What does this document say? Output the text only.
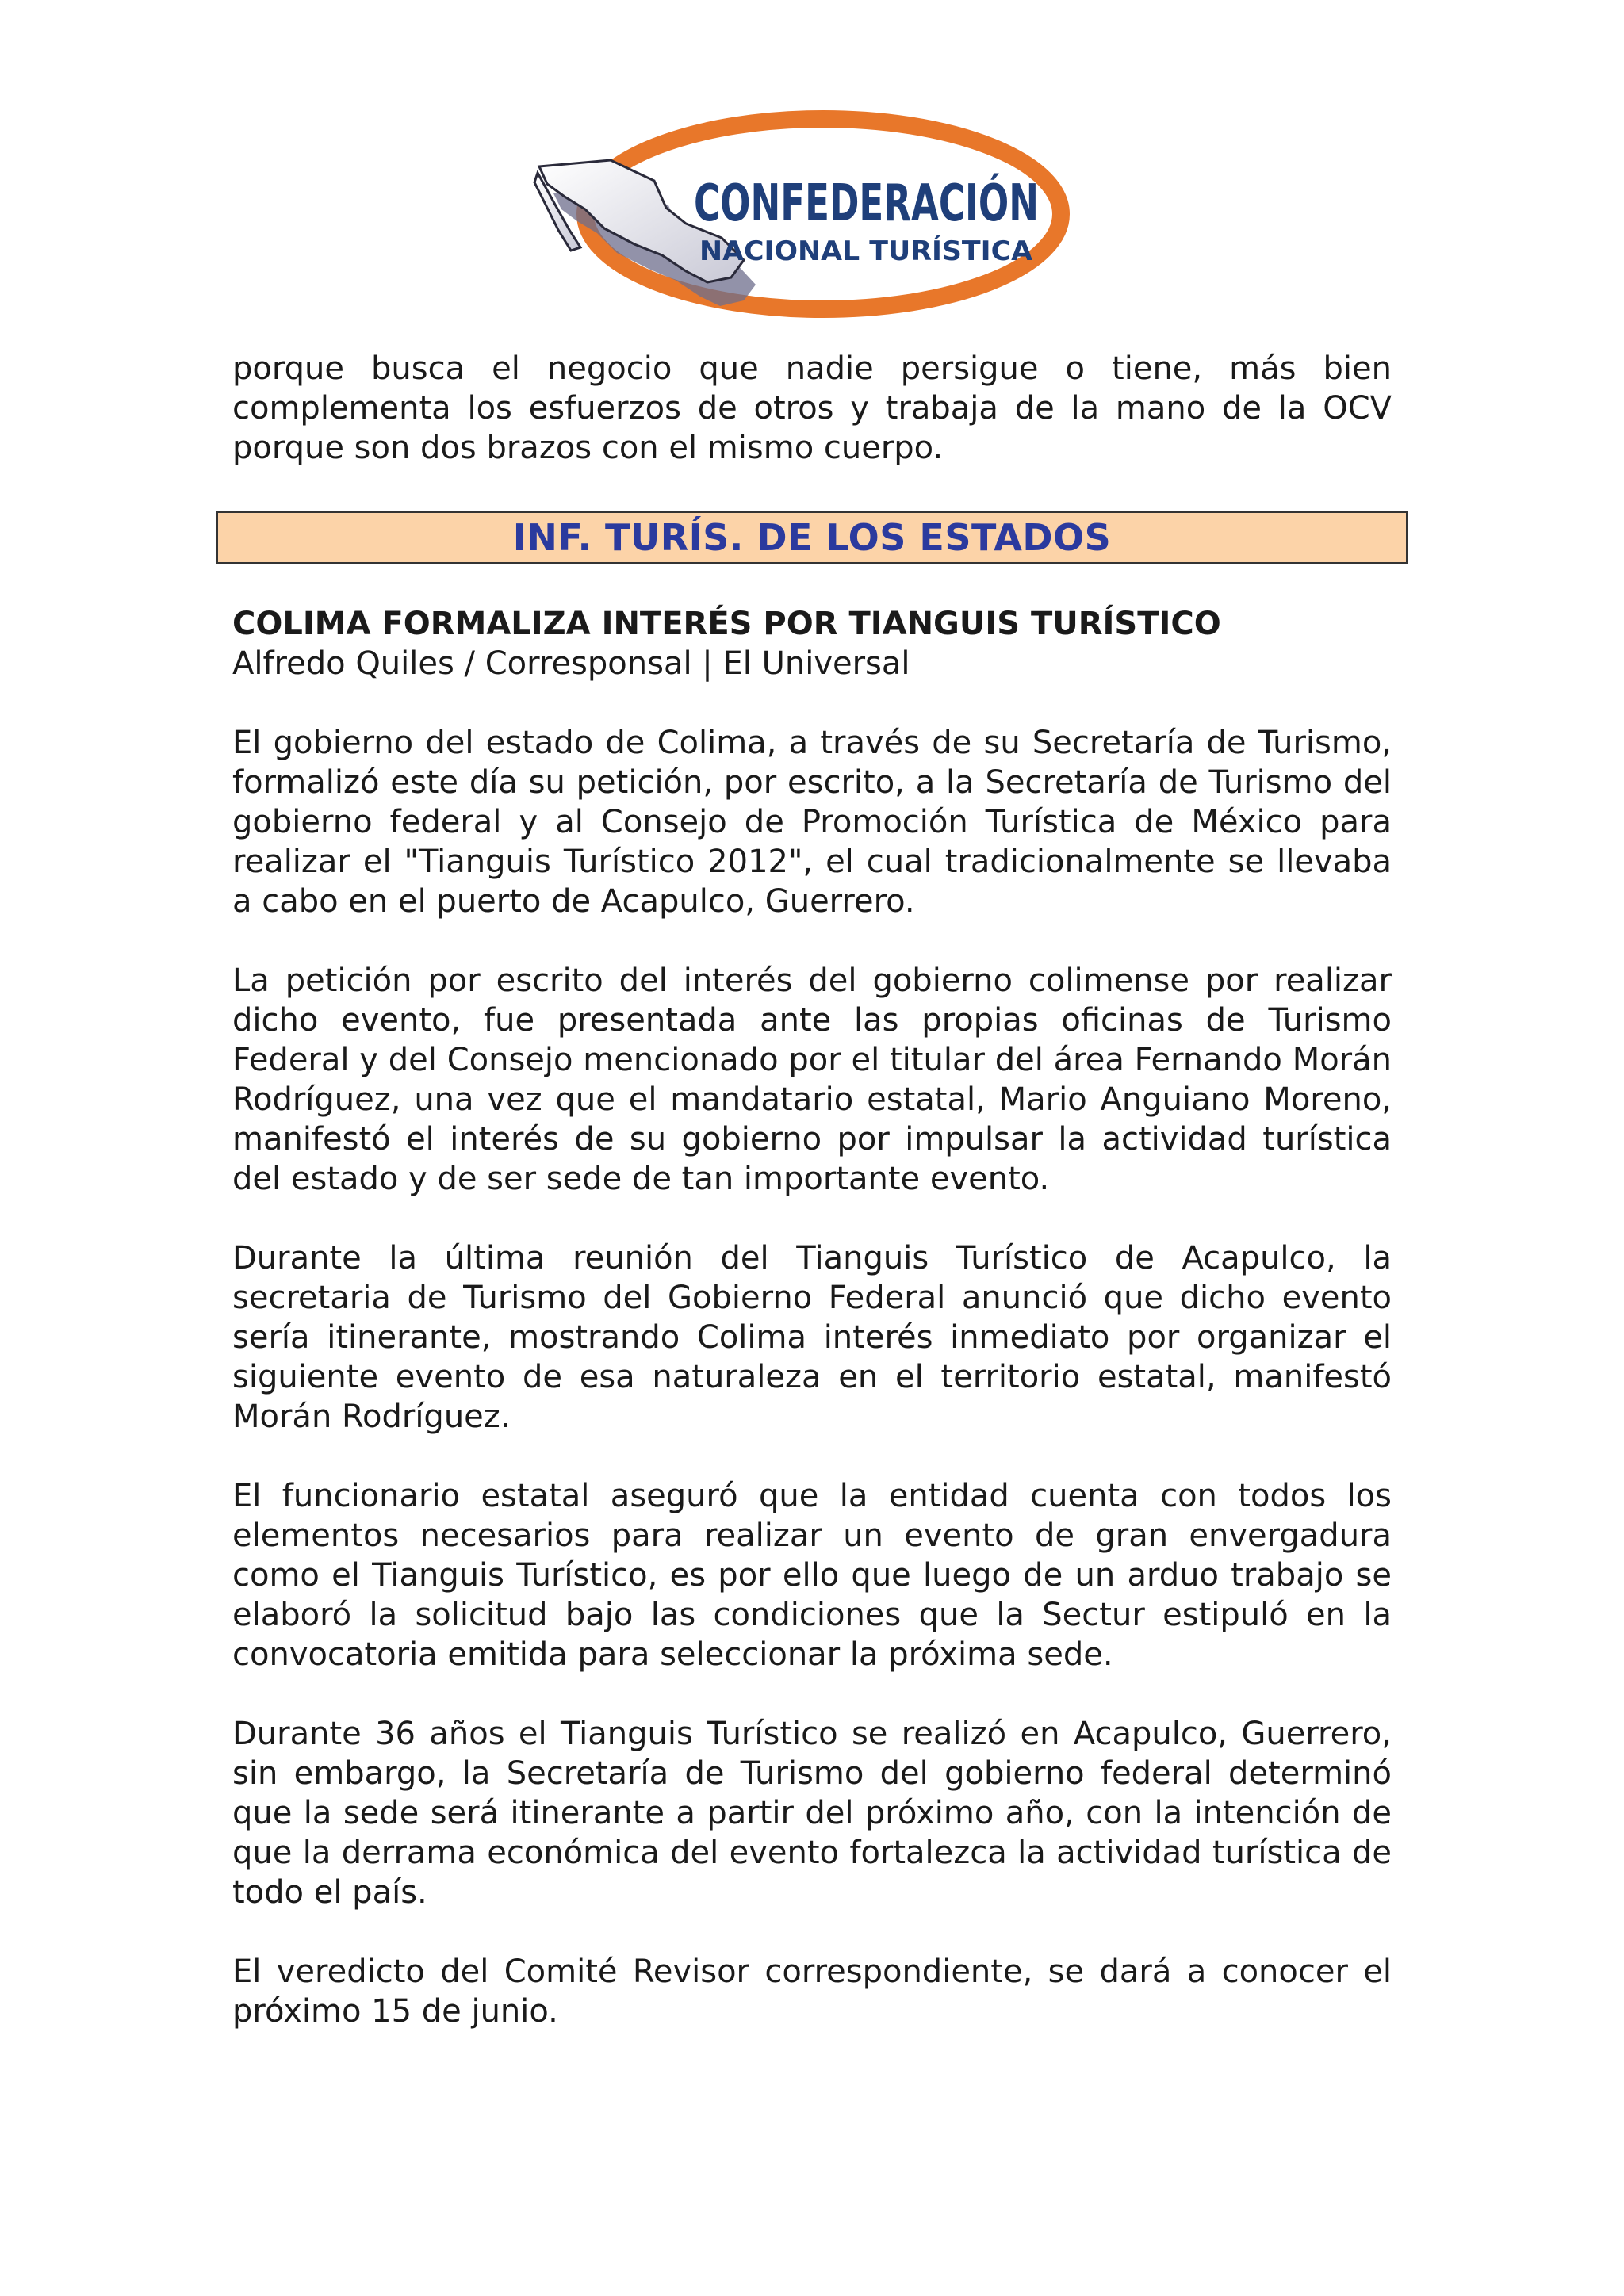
CONFEDERACIÓN
NACIONAL TURÍSTICA

porque busca el negocio que nadie persigue o tiene, más bien complementa los esfuerzos de otros y trabaja de la mano de la OCV porque son dos brazos con el mismo cuerpo.

INF. TURÍS. DE LOS ESTADOS
COLIMA FORMALIZA INTERÉS POR TIANGUIS TURÍSTICO

Alfredo Quiles / Corresponsal | El Universal

El gobierno del estado de Colima, a través de su Secretaría de Turismo, formalizó este día su petición, por escrito, a la Secretaría de Turismo del gobierno federal y al Consejo de Promoción Turística de México para realizar el "Tianguis Turístico 2012", el cual tradicionalmente se llevaba a cabo en el puerto de Acapulco, Guerrero.

La petición por escrito del interés del gobierno colimense por realizar dicho evento, fue presentada ante las propias oficinas de Turismo Federal y del Consejo mencionado por el titular del área Fernando Morán Rodríguez, una vez que el mandatario estatal, Mario Anguiano Moreno, manifestó el interés de su gobierno por impulsar la actividad turística del estado y de ser sede de tan importante evento.

Durante la última reunión del Tianguis Turístico de Acapulco, la secretaria de Turismo del Gobierno Federal anunció que dicho evento sería itinerante, mostrando Colima interés inmediato por organizar el siguiente evento de esa naturaleza en el territorio estatal, manifestó Morán Rodríguez.

El funcionario estatal aseguró que la entidad cuenta con todos los elementos necesarios para realizar un evento de gran envergadura como el Tianguis Turístico, es por ello que luego de un arduo trabajo se elaboró la solicitud bajo las condiciones que la Sectur estipuló en la convocatoria emitida para seleccionar la próxima sede.

Durante 36 años el Tianguis Turístico se realizó en Acapulco, Guerrero, sin embargo, la Secretaría de Turismo del gobierno federal determinó que la sede será itinerante a partir del próximo año, con la intención de que la derrama económica del evento fortalezca la actividad turística de todo el país.

El veredicto del Comité Revisor correspondiente, se dará a conocer el próximo 15 de junio.
